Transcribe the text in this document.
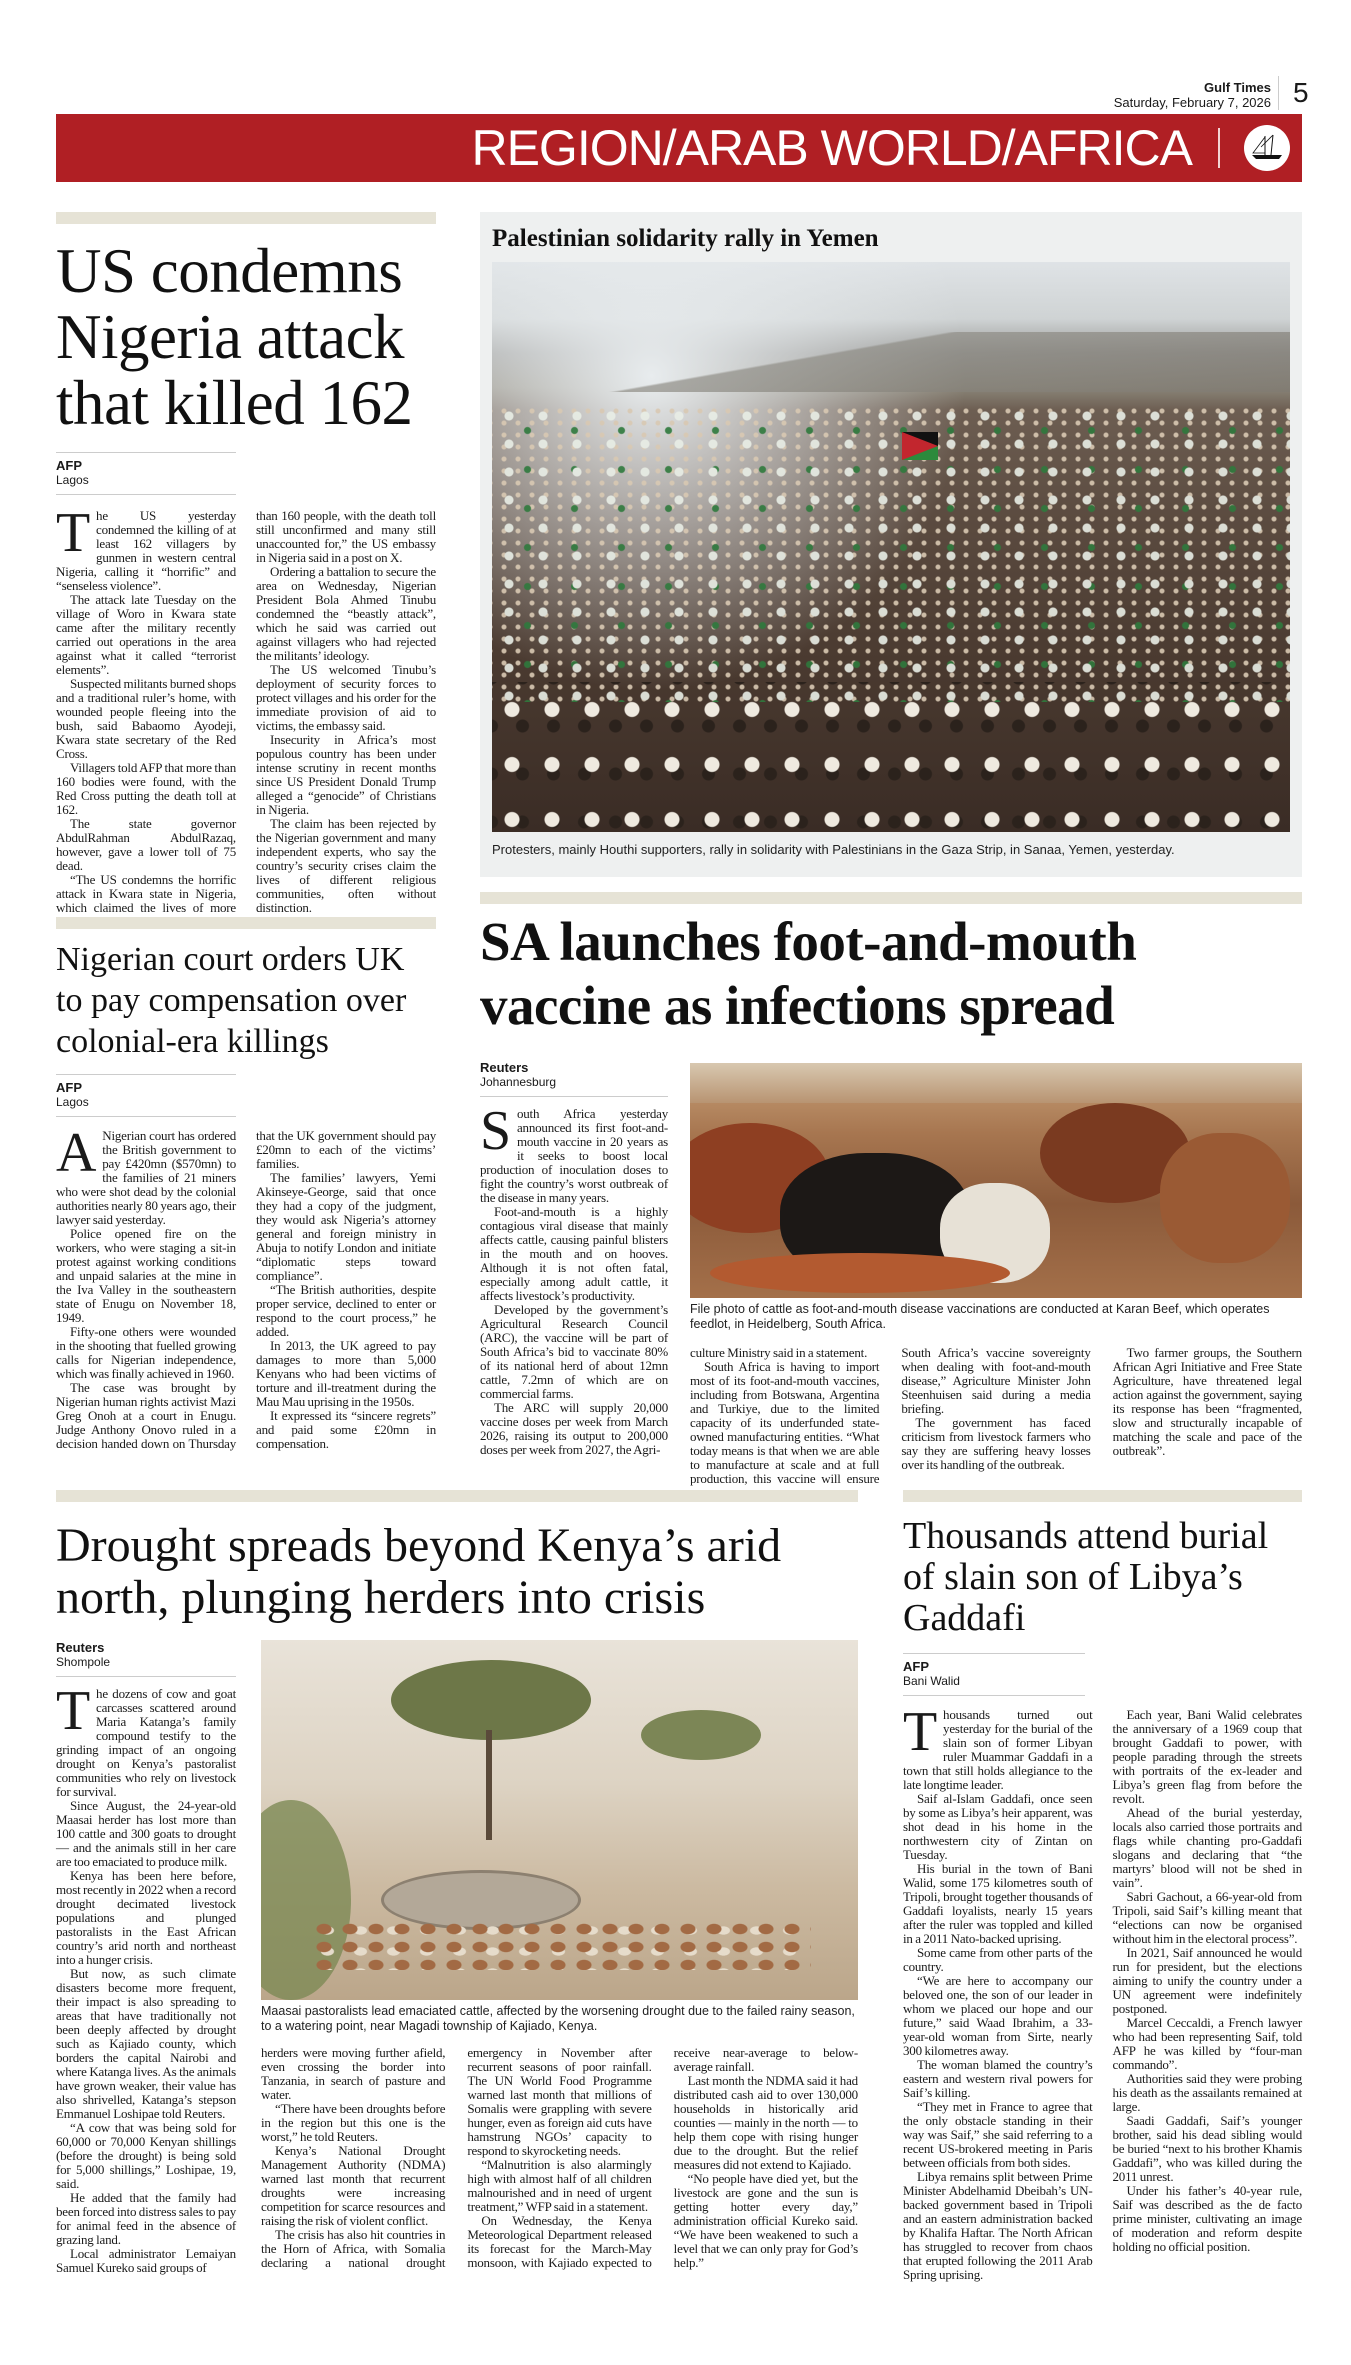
Gulf Times
Saturday, February 7, 2026 5
REGION/ARAB WORLD/AFRICA
US condemns Nigeria attack that killed 162
AFP
Lagos

The US yesterday condemned the killing of at least 162 villagers by gunmen in western central Nigeria, calling it “horrific” and “senseless violence”.

The attack late Tuesday on the village of Woro in Kwara state came after the military recently carried out operations in the area against what it called “terrorist elements”.

Suspected militants burned shops and a traditional ruler’s home, with wounded people fleeing into the bush, said Babaomo Ayodeji, Kwara state secretary of the Red Cross.

Villagers told AFP that more than 160 bodies were found, with the Red Cross putting the death toll at 162.

The state governor AbdulRahman AbdulRazaq, however, gave a lower toll of 75 dead.

“The US condemns the horrific attack in Kwara state in Nigeria, which claimed the lives of more than 160 people, with the death toll still unconfirmed and many still unaccounted for,” the US embassy in Nigeria said in a post on X.

Ordering a battalion to secure the area on Wednesday, Nigerian President Bola Ahmed Tinubu condemned the “beastly attack”, which he said was carried out against villagers who had rejected the militants’ ideology.

The US welcomed Tinubu’s deployment of security forces to protect villages and his order for the immediate provision of aid to victims, the embassy said.

Insecurity in Africa’s most populous country has been under intense scrutiny in recent months since US President Donald Trump alleged a “genocide” of Christians in Nigeria.

The claim has been rejected by the Nigerian government and many independent experts, who say the country’s security crises claim the lives of different religious communities, often without distinction.

Palestinian solidarity rally in Yemen
Protesters, mainly Houthi supporters, rally in solidarity with Palestinians in the Gaza Strip, in Sanaa, Yemen, yesterday.
Nigerian court orders UK to pay compensation over colonial-era killings
AFP
Lagos

ANigerian court has ordered the British government to pay £420mn ($570mn) to the families of 21 miners who were shot dead by the colonial authorities nearly 80 years ago, their lawyer said yesterday.

Police opened fire on the workers, who were staging a sit-in protest against working conditions and unpaid salaries at the mine in the Iva Valley in the southeastern state of Enugu on November 18, 1949.

Fifty-one others were wounded in the shooting that fuelled growing calls for Nigerian independence, which was finally achieved in 1960.

The case was brought by Nigerian human rights activist Mazi Greg Onoh at a court in Enugu. Judge Anthony Onovo ruled in a decision handed down on Thursday that the UK government should pay £20mn to each of the victims’ families.

The families’ lawyers, Yemi Akinseye-George, said that once they had a copy of the judgment, they would ask Nigeria’s attorney general and foreign ministry in Abuja to notify London and initiate “diplomatic steps toward compliance”.

“The British authorities, despite proper service, declined to enter or respond to the court process,” he added.

In 2013, the UK agreed to pay damages to more than 5,000 Kenyans who had been victims of torture and ill-treatment during the Mau Mau uprising in the 1950s.

It expressed its “sincere regrets” and paid some £20mn in compensation.

SA launches foot-and-mouth vaccine as infections spread
Reuters
Johannesburg

South Africa yesterday announced its first foot-and-mouth vaccine in 20 years as it seeks to boost local production of inoculation doses to fight the country’s worst outbreak of the disease in many years.

Foot-and-mouth is a highly contagious viral disease that mainly affects cattle, causing painful blisters in the mouth and on hooves. Although it is not often fatal, especially among adult cattle, it affects livestock’s productivity.

Developed by the government’s Agricultural Research Council (ARC), the vaccine will be part of South Africa’s bid to vaccinate 80% of its national herd of about 12mn cattle, 7.2mn of which are on commercial farms.

The ARC will supply 20,000 vaccine doses per week from March 2026, raising its output to 200,000 doses per week from 2027, the Agri-

File photo of cattle as foot-and-mouth disease vaccinations are conducted at Karan Beef, which operates feedlot, in Heidelberg, South Africa.

culture Ministry said in a statement.

South Africa is having to import most of its foot-and-mouth vaccines, including from Botswana, Argentina and Turkiye, due to the limited capacity of its underfunded state-owned manufacturing entities. “What today means is that when we are able to manufacture at scale and at full production, this vaccine will ensure South Africa’s vaccine sovereignty when dealing with foot-and-mouth disease,” Agriculture Minister John Steenhuisen said during a media briefing.

The government has faced criticism from livestock farmers who say they are suffering heavy losses over its handling of the outbreak.

Two farmer groups, the Southern African Agri Initiative and Free State Agriculture, have threatened legal action against the government, saying its response has been “fragmented, slow and structurally incapable of matching the scale and pace of the outbreak”.

Drought spreads beyond Kenya’s arid north, plunging herders into crisis
Reuters
Shompole

The dozens of cow and goat carcasses scattered around Maria Katanga’s family compound testify to the grinding impact of an ongoing drought on Kenya’s pastoralist communities who rely on livestock for survival.

Since August, the 24-year-old Maasai herder has lost more than 100 cattle and 300 goats to drought — and the animals still in her care are too emaciated to produce milk.

Kenya has been here before, most recently in 2022 when a record drought decimated livestock populations and plunged pastoralists in the East African country’s arid north and northeast into a hunger crisis.

But now, as such climate disasters become more frequent, their impact is also spreading to areas that have traditionally not been deeply affected by drought such as Kajiado county, which borders the capital Nairobi and where Katanga lives. As the animals have grown weaker, their value has also shrivelled, Katanga’s stepson Emmanuel Loshipae told Reuters.

“A cow that was being sold for 60,000 or 70,000 Kenyan shillings (before the drought) is being sold for 5,000 shillings,” Loshipae, 19, said.

He added that the family had been forced into distress sales to pay for animal feed in the absence of grazing land.

Local administrator Lemaiyan Samuel Kureko said groups of

Maasai pastoralists lead emaciated cattle, affected by the worsening drought due to the failed rainy season, to a watering point, near Magadi township of Kajiado, Kenya.

herders were moving further afield, even crossing the border into Tanzania, in search of pasture and water.

“There have been droughts before in the region but this one is the worst,” he told Reuters.

Kenya’s National Drought Management Authority (NDMA) warned last month that recurrent droughts were increasing competition for scarce resources and raising the risk of violent conflict.

The crisis has also hit countries in the Horn of Africa, with Somalia declaring a national drought emergency in November after recurrent seasons of poor rainfall. The UN World Food Programme warned last month that millions of Somalis were grappling with severe hunger, even as foreign aid cuts have hamstrung NGOs’ capacity to respond to skyrocketing needs.

“Malnutrition is also alarmingly high with almost half of all children malnourished and in need of urgent treatment,” WFP said in a statement.

On Wednesday, the Kenya Meteorological Department released its forecast for the March-May monsoon, with Kajiado expected to receive near-average to below-average rainfall.

Last month the NDMA said it had distributed cash aid to over 130,000 households in historically arid counties — mainly in the north — to help them cope with rising hunger due to the drought. But the relief measures did not extend to Kajiado.

“No people have died yet, but the livestock are gone and the sun is getting hotter every day,” administration official Kureko said. “We have been weakened to such a level that we can only pray for God’s help.”

Thousands attend burial of slain son of Libya’s Gaddafi
AFP
Bani Walid

Thousands turned out yesterday for the burial of the slain son of former Libyan ruler Muammar Gaddafi in a town that still holds allegiance to the late longtime leader.

Saif al-Islam Gaddafi, once seen by some as Libya’s heir apparent, was shot dead in his home in the northwestern city of Zintan on Tuesday.

His burial in the town of Bani Walid, some 175 kilometres south of Tripoli, brought together thousands of Gaddafi loyalists, nearly 15 years after the ruler was toppled and killed in a 2011 Nato-backed uprising.

Some came from other parts of the country.

“We are here to accompany our beloved one, the son of our leader in whom we placed our hope and our future,” said Waad Ibrahim, a 33-year-old woman from Sirte, nearly 300 kilometres away.

The woman blamed the country’s eastern and western rival powers for Saif’s killing.

“They met in France to agree that the only obstacle standing in their way was Saif,” she said referring to a recent US-brokered meeting in Paris between officials from both sides.

Libya remains split between Prime Minister Abdelhamid Dbeibah’s UN-backed government based in Tripoli and an eastern administration backed by Khalifa Haftar. The North African has struggled to recover from chaos that erupted following the 2011 Arab Spring uprising.

Each year, Bani Walid celebrates the anniversary of a 1969 coup that brought Gaddafi to power, with people parading through the streets with portraits of the ex-leader and Libya’s green flag from before the revolt.

Ahead of the burial yesterday, locals also carried those portraits and flags while chanting pro-Gaddafi slogans and declaring that “the martyrs’ blood will not be shed in vain”.

Sabri Gachout, a 66-year-old from Tripoli, said Saif’s killing meant that “elections can now be organised without him in the electoral process”.

In 2021, Saif announced he would run for president, but the elections aiming to unify the country under a UN agreement were indefinitely postponed.

Marcel Ceccaldi, a French lawyer who had been representing Saif, told AFP he was killed by “four-man commando”.

Authorities said they were probing his death as the assailants remained at large.

Saadi Gaddafi, Saif’s younger brother, said his dead sibling would be buried “next to his brother Khamis Gaddafi”, who was killed during the 2011 unrest.

Under his father’s 40-year rule, Saif was described as the de facto prime minister, cultivating an image of moderation and reform despite holding no official position.
